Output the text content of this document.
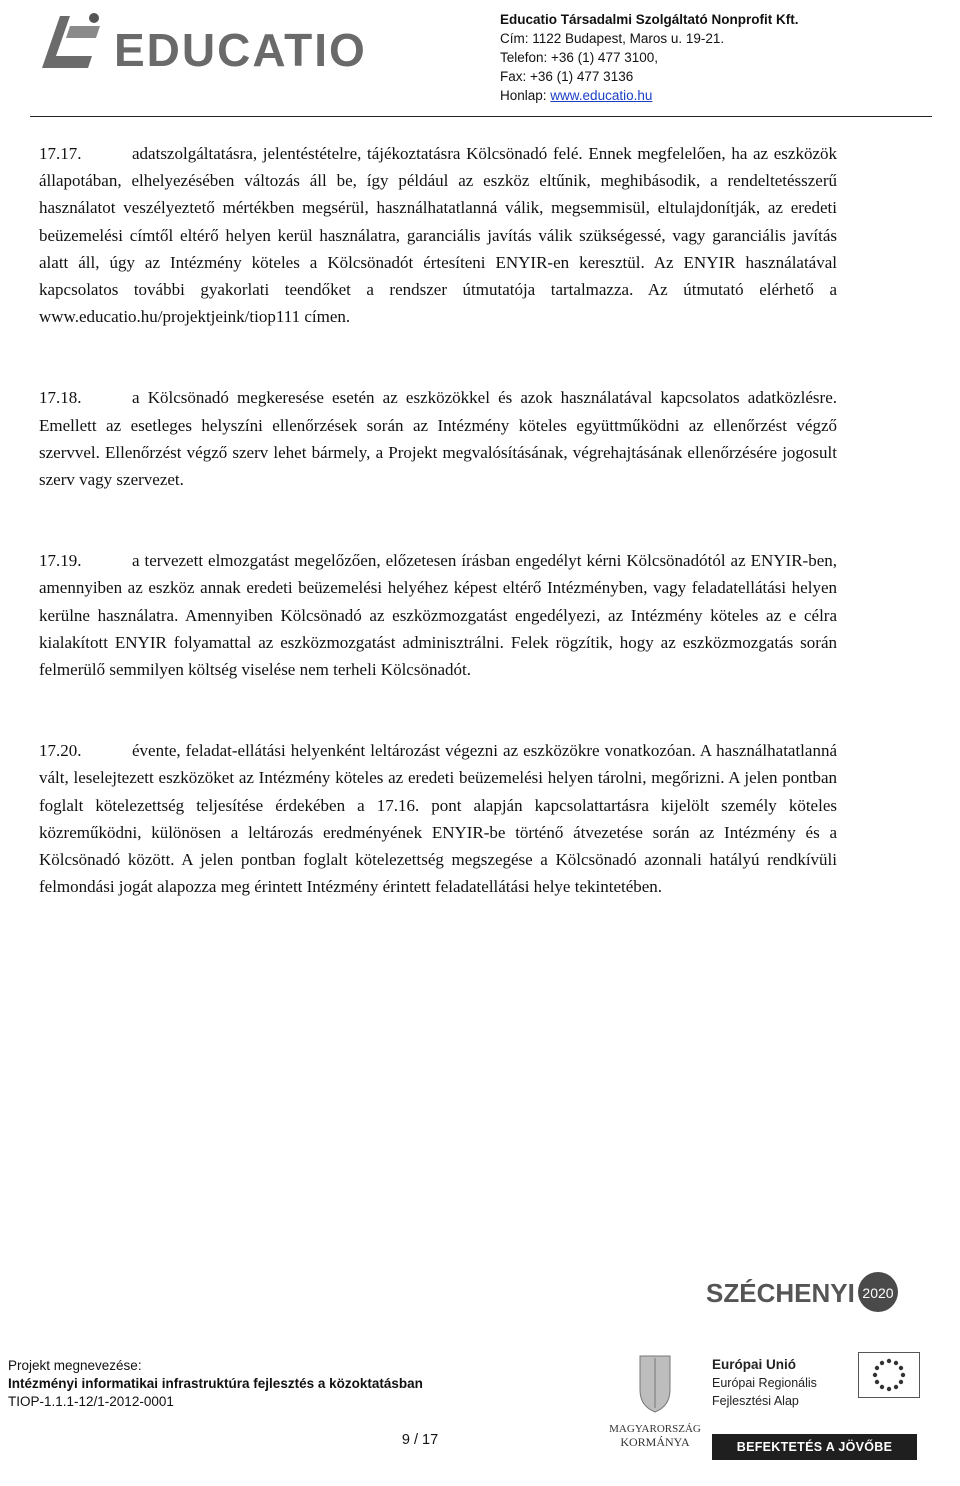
EDUCATIO
Educatio Társadalmi Szolgáltató Nonprofit Kft.
Cím: 1122 Budapest, Maros u. 19-21.
Telefon: +36 (1) 477 3100,
Fax: +36 (1) 477 3136
Honlap: www.educatio.hu
17.17.	adatszolgáltatásra, jelentéstételre, tájékoztatásra Kölcsönadó felé. Ennek megfelelően, ha az eszközök állapotában, elhelyezésében változás áll be, így például az eszköz eltűnik, meghibásodik, a rendeltetésszerű használatot veszélyeztető mértékben megsérül, használhatatlanná válik, megsemmisül, eltulajdonítják, az eredeti beüzemelési címtől eltérő helyen kerül használatra, garanciális javítás válik szükségessé, vagy garanciális javítás alatt áll, úgy az Intézmény köteles a Kölcsönadót értesíteni ENYIR-en keresztül. Az ENYIR használatával kapcsolatos további gyakorlati teendőket a rendszer útmutatója tartalmazza. Az útmutató elérhető a www.educatio.hu/projektjeink/tiop111 címen.

17.18.	a Kölcsönadó megkeresése esetén az eszközökkel és azok használatával kapcsolatos adatközlésre. Emellett az esetleges helyszíni ellenőrzések során az Intézmény köteles együttműködni az ellenőrzést végző szervvel. Ellenőrzést végző szerv lehet bármely, a Projekt megvalósításának, végrehajtásának ellenőrzésére jogosult szerv vagy szervezet.

17.19.	a tervezett elmozgatást megelőzően, előzetesen írásban engedélyt kérni Kölcsönadótól az ENYIR-ben, amennyiben az eszköz annak eredeti beüzemelési helyéhez képest eltérő Intézményben, vagy feladatellátási helyen kerülne használatra. Amennyiben Kölcsönadó az eszközmozgatást engedélyezi, az Intézmény köteles az e célra kialakított ENYIR folyamattal az eszközmozgatást adminisztrálni. Felek rögzítik, hogy az eszközmozgatás során felmerülő semmilyen költség viselése nem terheli Kölcsönadót.

17.20.	évente, feladat-ellátási helyenként leltározást végezni az eszközökre vonatkozóan. A használhatatlanná vált, leselejtezett eszközöket az Intézmény köteles az eredeti beüzemelési helyen tárolni, megőrizni. A jelen pontban foglalt kötelezettség teljesítése érdekében a 17.16. pont alapján kapcsolattartásra kijelölt személy köteles közreműködni, különösen a leltározás eredményének ENYIR-be történő átvezetése során az Intézmény és a Kölcsönadó között. A jelen pontban foglalt kötelezettség megszegése a Kölcsönadó azonnali hatályú rendkívüli felmondási jogát alapozza meg érintett Intézmény érintett feladatellátási helye tekintetében.

SZÉCHENYI 2020
Projekt megnevezése:
Intézményi informatikai infrastruktúra fejlesztés a közoktatásban
TIOP-1.1.1-12/1-2012-0001
9 / 17
MAGYARORSZÁG
KORMÁNYA
Európai Unió
Európai Regionális
Fejlesztési Alap
BEFEKTETÉS A JÖVŐBE
